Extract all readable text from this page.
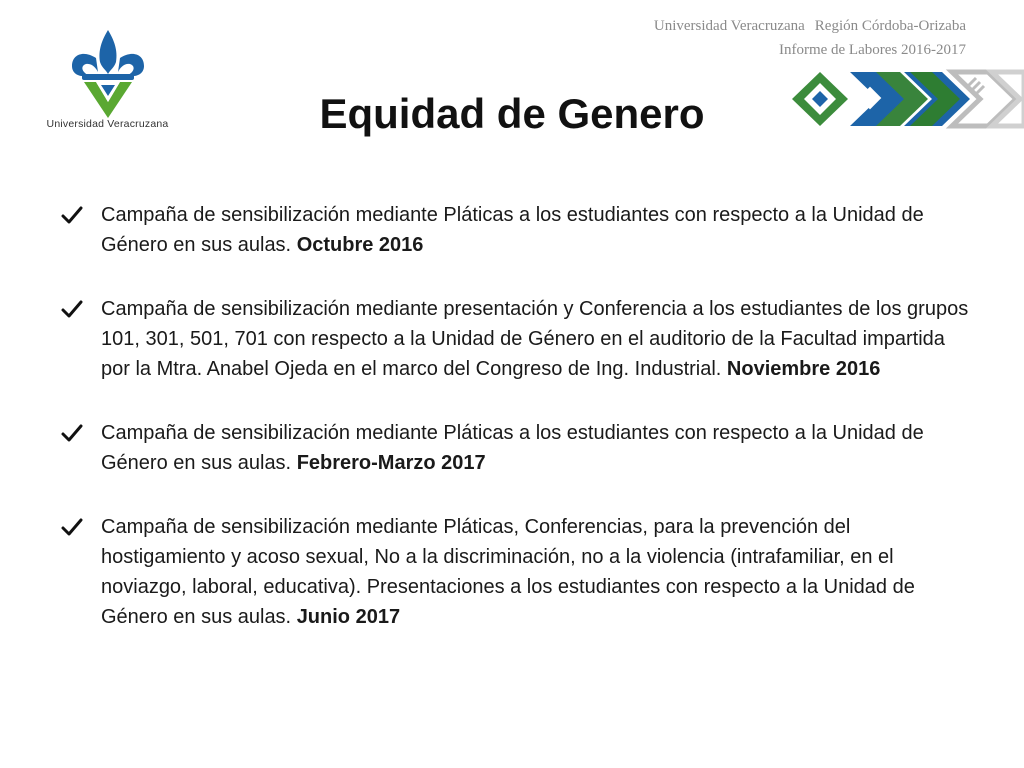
Universidad Veracruzana
Universidad Veracruzana Región Córdoba-Orizaba
Informe de Labores 2016-2017
Equidad de Genero
Campaña de sensibilización mediante Pláticas a los estudiantes con respecto a la Unidad de Género en sus aulas. Octubre 2016
Campaña de sensibilización mediante presentación y Conferencia a los estudiantes de los grupos 101, 301, 501, 701 con respecto a la Unidad de Género en el auditorio de la Facultad impartida por la Mtra. Anabel Ojeda en el marco del Congreso de Ing. Industrial. Noviembre 2016
Campaña de sensibilización mediante Pláticas a los estudiantes con respecto a la Unidad de Género en sus aulas. Febrero-Marzo 2017
Campaña de sensibilización mediante Pláticas, Conferencias, para la prevención del hostigamiento y acoso sexual, No a la discriminación, no a la violencia (intrafamiliar, en el noviazgo, laboral, educativa). Presentaciones a los estudiantes con respecto a la Unidad de Género en sus aulas. Junio 2017
